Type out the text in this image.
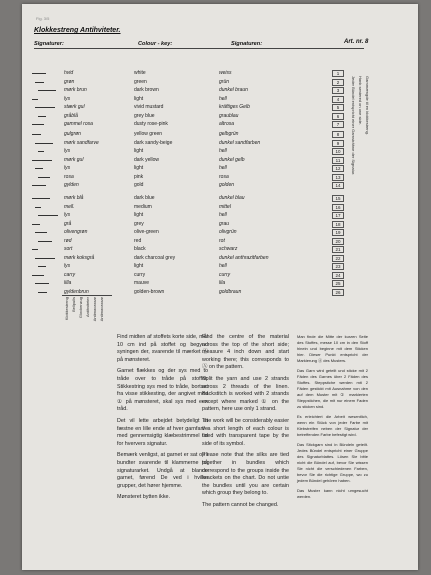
Fig. 3/5
Klokkestreng Antihviteter.
Signaturer:	Colour - key:	Signaturen:	Art. nr. 8
hvid	white	weiss	1
grøn	green	grün	2
mørk brun	dark brown	dunkel braun	3
lys	light	hell	4
stærk gul	vivid mustard	kräftiges Gelb	5
gråblå	grey blue	graublau	6
gammel rosa	dusty rose-pink	altrosa	7
gulgrøn	yellow green	gelbgrün	8
mørk sandfarve	dark sandy-beige	dunkel sandfarben	9
lys	light	hell	10
mørk gul	dark yellow	dunkel gelb	11
lys	light	hell	12
rosa	pink	rosa	13
gylden	gold	golden	14
mørk blå	dark blue	dunkel blau	15
mell.	medium	mittel	16
lys	light	hell	17
grå	grey	grau	18
olivengrøn	olive-green	olivgrün	19
rød	red	rot	20
sort	black	schwarz	21
mørk koksgrå	dark charcoal grey	dunkel anthrazitfarben	22
lys	light	hell	23
carry	curry	curry	24
lilla	mauve	lila	25
gyldenbrun	golden-brown	goldbraun	26
Garnmængde til en klokkestreng.
Hank sentered on one side.
Jeder Bündel entspricht einer Garnsträhne der Signatur.
Klokkestreng Bellpulls Glockenzug Antihviteter Antimacassar Antimacassar

Find midten af stoffets korte side, mål 10 cm ind på stoffet og begynd syningen der, svarende til mærket Ⓐ på mønsteret.

Garnet flækkes og der sys med to tråde over to tråde på stoffet. Stikkestring sys med to tråde, bortset fra visse stikkesting, der angivet med ① på mønsteret, skal sys med een tråd.

Det vil lette arbejdet betydeligt at fæstne en lille ende af hver garnfarve med gennemsigtig klæbestrimmel ud for hververs signatur.

Bemærk venligst, at garnet er sat op i bundter svarende til klammerne på signaturarket. Undgå at blande garnet, førend De ved i hvilke grupper, det hører hjemme.

Mønsteret bytten ikke.

Find the centre of the material across the top of the short side; measure 4 inch down and start working there; this corresponds to Ⓐ on the pattern.

Split the yarn and use 2 strands across 2 threads of the linen. Backstitch is worked with 2 strands except where marked ① on the pattern, here use only 1 strand.

The work will be considerably easier if a short length of each colour is fixed with transparent tape by the side of its symbol.

Please note that the silks are tied together in bundles which correspond to the groups inside the brackets on the chart. Do not untie the bundles until you are certain which group they belong to.

The pattern cannot be changed.

Man finde die Mitte der kurzen Seite des Stoffes, messe 10 cm in den Stoff hinein und beginne mit dem Sticken hier. Dieser Punkt entspricht der Markierung Ⓐ des Musters.

Das Garn wird geteilt und sticke mit 2 Fäden des Garnes über 2 Fäden des Stoffes. Steppstiche werden mit 2 Fäden gestickt mit Ausnahme von den auf dem Muster mit ① markierten Steppstichen, die mit nur einem Faden zu sticken sind.

Es erleichtert die Arbeit wesentlich, wenn ein Stück von jeder Farbe mit Klebstreifen neben der Signatur der betreffenden Farbe befestigt wird.

Das Stickgarn sind in Bündeln geteilt. Jedes Bündel entspricht einer Gruppe des Signaturblattes. Lösen Sie bitte nicht die Bündel auf, bevor Sie wissen Sie nicht die verschiedenen Farben, bevor Sie die richtige Gruppe, wo zu jedem Bündel gehören haben.

Das Muster kann nicht umgesucht werden.
